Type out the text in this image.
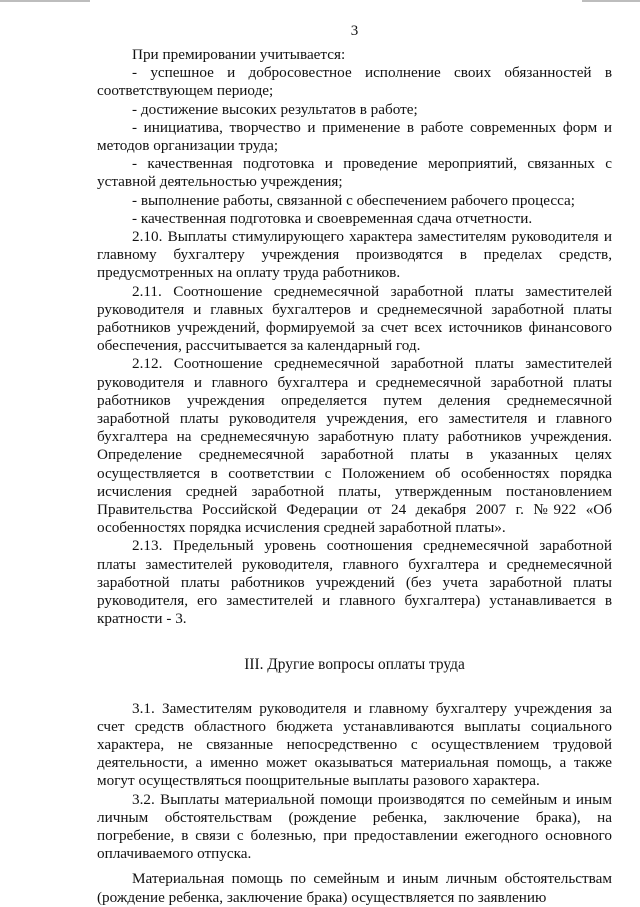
3

При премировании учитывается:

- успешное и добросовестное исполнение своих обязанностей в соответствующем периоде;

- достижение высоких результатов в работе;

- инициатива, творчество и применение в работе современных форм и методов организации труда;

- качественная подготовка и проведение мероприятий, связанных с уставной деятельностью учреждения;

- выполнение работы, связанной с обеспечением рабочего процесса;

- качественная подготовка и своевременная сдача отчетности.

2.10. Выплаты стимулирующего характера заместителям руководителя и главному бухгалтеру учреждения производятся в пределах средств, предусмотренных на оплату труда работников.

2.11. Соотношение среднемесячной заработной платы заместителей руководителя и главных бухгалтеров и среднемесячной заработной платы работников учреждений, формируемой за счет всех источников финансового обеспечения, рассчитывается за календарный год.

2.12. Соотношение среднемесячной заработной платы заместителей руководителя и главного бухгалтера и среднемесячной заработной платы работников учреждения определяется путем деления среднемесячной заработной платы руководителя учреждения, его заместителя и главного бухгалтера на среднемесячную заработную плату работников учреждения. Определение среднемесячной заработной платы в указанных целях осуществляется в соответствии с Положением об особенностях порядка исчисления средней заработной платы, утвержденным постановлением Правительства Российской Федерации от 24 декабря 2007 г. №922 «Об особенностях порядка исчисления средней заработной платы».

2.13. Предельный уровень соотношения среднемесячной заработной платы заместителей руководителя, главного бухгалтера и среднемесячной заработной платы работников учреждений (без учета заработной платы руководителя, его заместителей и главного бухгалтера) устанавливается в кратности - 3.

III. Другие вопросы оплаты труда

3.1. Заместителям руководителя и главному бухгалтеру учреждения за счет средств областного бюджета устанавливаются выплаты социального характера, не связанные непосредственно с осуществлением трудовой деятельности, а именно может оказываться материальная помощь, а также могут осуществляться поощрительные выплаты разового характера.

3.2. Выплаты материальной помощи производятся по семейным и иным личным обстоятельствам (рождение ребенка, заключение брака), на погребение, в связи с болезнью, при предоставлении ежегодного основного оплачиваемого отпуска.

Материальная помощь по семейным и иным личным обстоятельствам (рождение ребенка, заключение брака) осуществляется по заявлению
